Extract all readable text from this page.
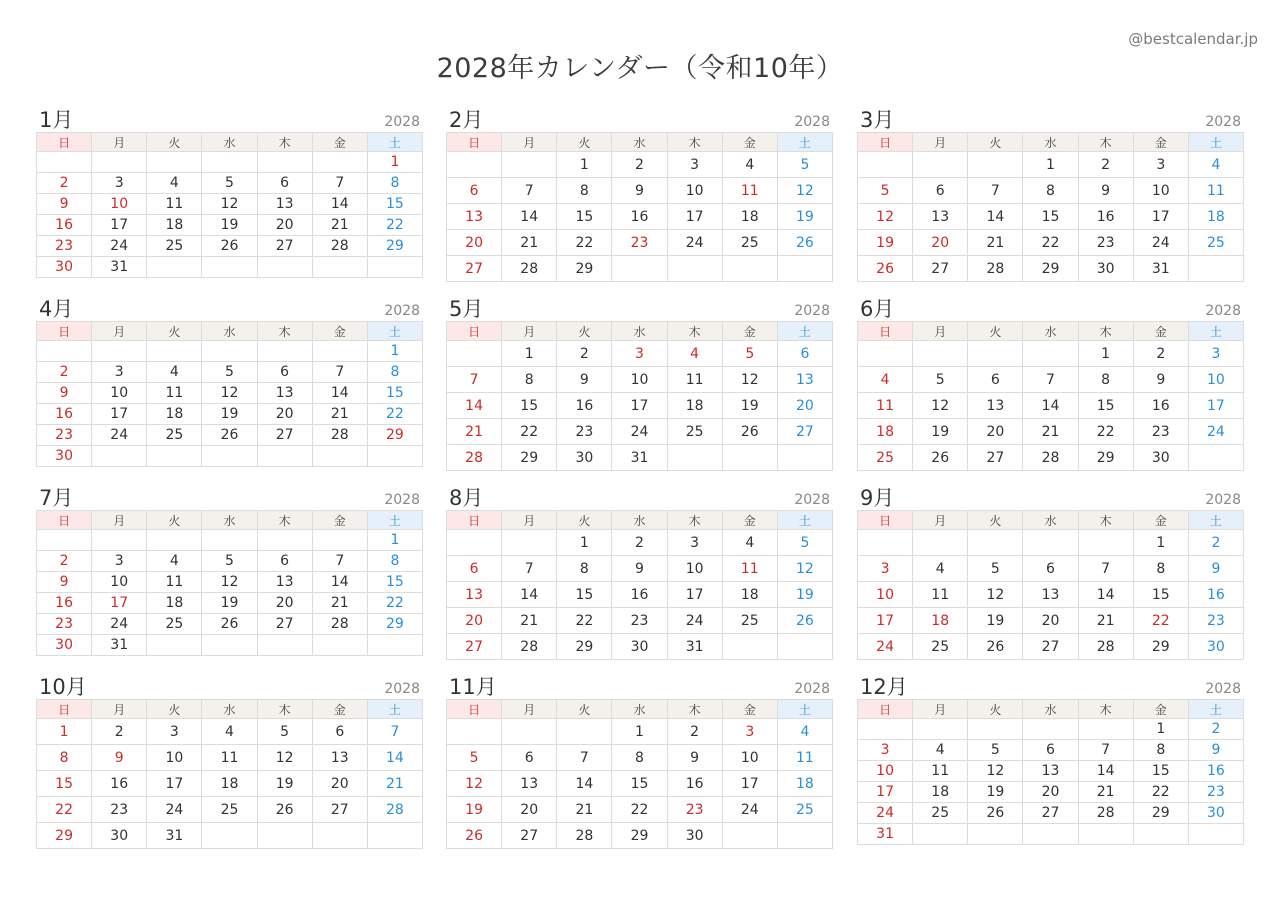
2028年カレンダー（令和10年）
@bestcalendar.jp
1月	2028
日	月	火	水	木	金	土
						1
2	3	4	5	6	7	8
9	10	11	12	13	14	15
16	17	18	19	20	21	22
23	24	25	26	27	28	29
30	31					
2月	2028
日	月	火	水	木	金	土
		1	2	3	4	5
6	7	8	9	10	11	12
13	14	15	16	17	18	19
20	21	22	23	24	25	26
27	28	29				
3月	2028
日	月	火	水	木	金	土
			1	2	3	4
5	6	7	8	9	10	11
12	13	14	15	16	17	18
19	20	21	22	23	24	25
26	27	28	29	30	31	
4月	2028
日	月	火	水	木	金	土
						1
2	3	4	5	6	7	8
9	10	11	12	13	14	15
16	17	18	19	20	21	22
23	24	25	26	27	28	29
30						
5月	2028
日	月	火	水	木	金	土
	1	2	3	4	5	6
7	8	9	10	11	12	13
14	15	16	17	18	19	20
21	22	23	24	25	26	27
28	29	30	31			
6月	2028
日	月	火	水	木	金	土
				1	2	3
4	5	6	7	8	9	10
11	12	13	14	15	16	17
18	19	20	21	22	23	24
25	26	27	28	29	30	
7月	2028
日	月	火	水	木	金	土
						1
2	3	4	5	6	7	8
9	10	11	12	13	14	15
16	17	18	19	20	21	22
23	24	25	26	27	28	29
30	31					
8月	2028
日	月	火	水	木	金	土
		1	2	3	4	5
6	7	8	9	10	11	12
13	14	15	16	17	18	19
20	21	22	23	24	25	26
27	28	29	30	31		
9月	2028
日	月	火	水	木	金	土
					1	2
3	4	5	6	7	8	9
10	11	12	13	14	15	16
17	18	19	20	21	22	23
24	25	26	27	28	29	30
10月	2028
日	月	火	水	木	金	土
1	2	3	4	5	6	7
8	9	10	11	12	13	14
15	16	17	18	19	20	21
22	23	24	25	26	27	28
29	30	31				
11月	2028
日	月	火	水	木	金	土
			1	2	3	4
5	6	7	8	9	10	11
12	13	14	15	16	17	18
19	20	21	22	23	24	25
26	27	28	29	30		
12月	2028
日	月	火	水	木	金	土
					1	2
3	4	5	6	7	8	9
10	11	12	13	14	15	16
17	18	19	20	21	22	23
24	25	26	27	28	29	30
31						
